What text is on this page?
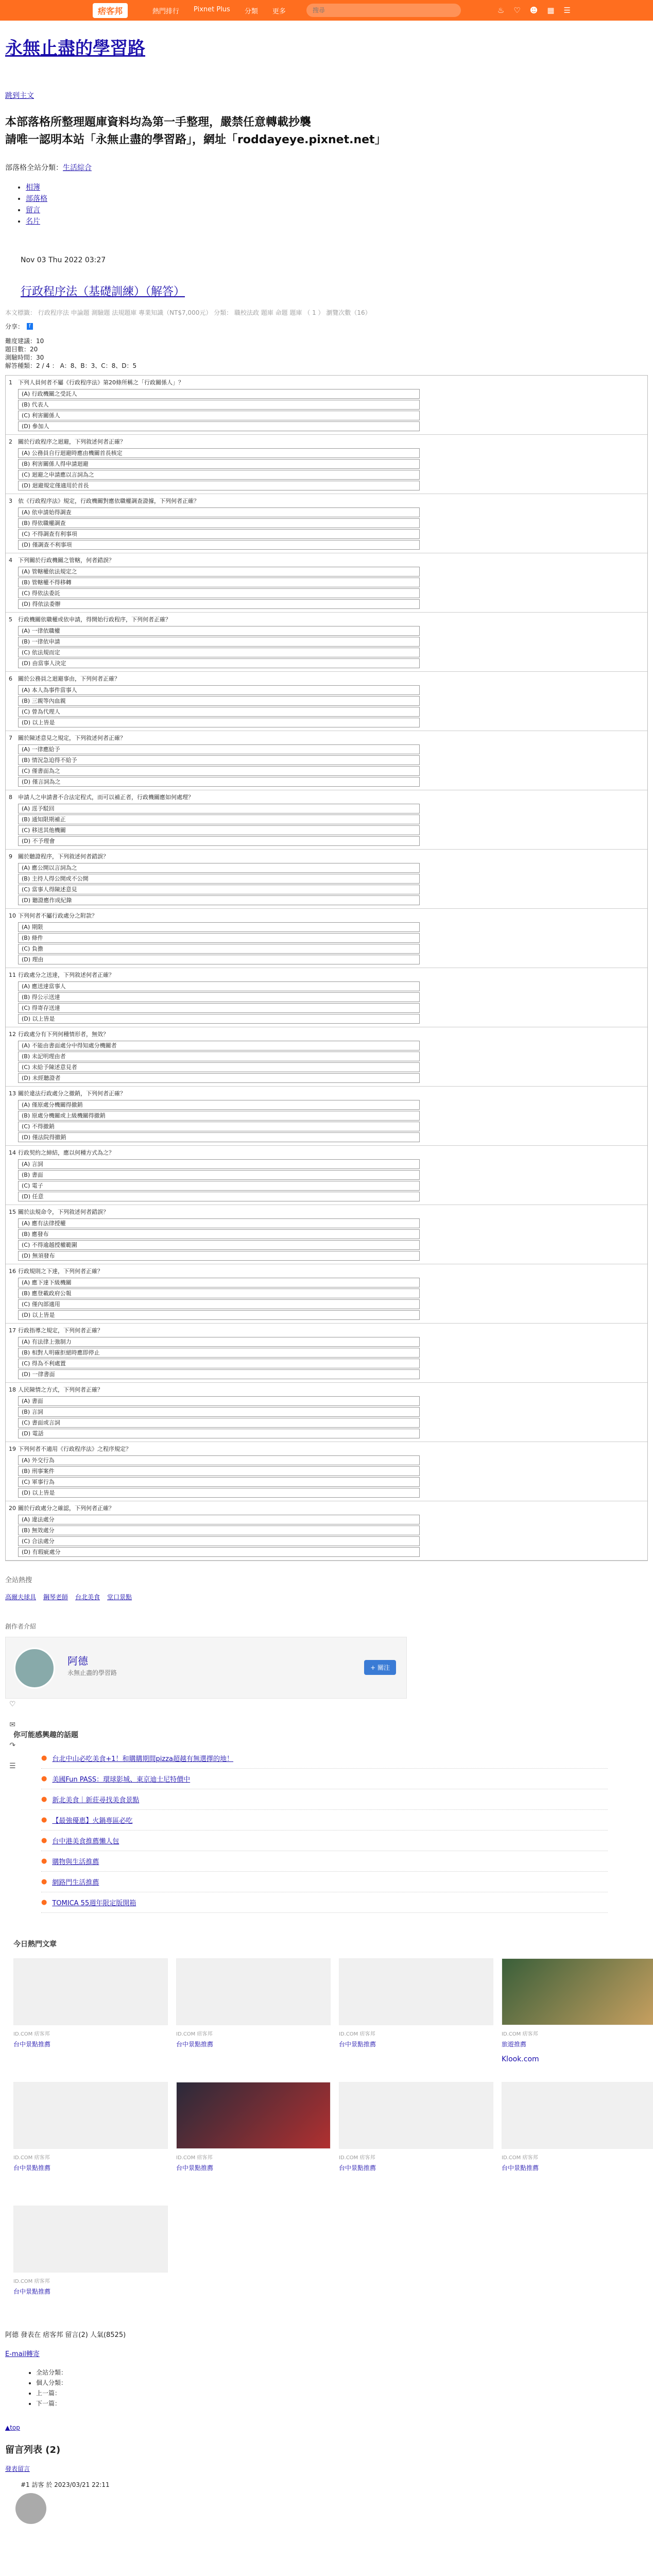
痞客邦	熱門排行 Pixnet Plus 分類 更多
搜尋	♨ ♡ ☻ ▦ ☰
♡
✉
↷
☰
永無止盡的學習路
跳到主文
本部落格所整理題庫資料均為第一手整理，嚴禁任意轉載抄襲
請唯一認明本站「永無止盡的學習路」，網址「roddayeye.pixnet.net」
部落格全站分類：生活綜合
• 相簿
• 部落格
• 留言
• 名片
Nov 03 Thu 2022 03:27
行政程序法（基礎訓練）（解答）
本文標籤： 行政程序法 申論題 測驗題 法規題庫 專業知識（NT$7,000元） 分類： 職校法政 題庫 命題 題庫 （ 1 ） 瀏覽次數（16）
分享：	f
難度建議：10
題目數：20
測驗時間：30
解答種類：2 / 4 ： A：8、B：3、C：8、D：5
1 下列人員何者不屬《行政程序法》第20條所稱之「行政關係人」？
(A) 行政機關之受託人
(B) 代表人
(C) 利害關係人
(D) 參加人
2 關於行政程序之迴避，下列敘述何者正確？
(A) 公務員自行迴避時應由機關首長核定
(B) 利害關係人得申請迴避
(C) 迴避之申請應以言詞為之
(D) 迴避規定僅適用於首長
3 依《行政程序法》規定，行政機關對應依職權調查證據，下列何者正確？
(A) 依申請始得調查
(B) 得依職權調查
(C) 不得調查有利事項
(D) 僅調查不利事項
4 下列關於行政機關之管轄，何者錯誤？
(A) 管轄權依法規定之
(B) 管轄權不得移轉
(C) 得依法委託
(D) 得依法委辦
5 行政機關依職權或依申請，得開始行政程序，下列何者正確？
(A) 一律依職權
(B) 一律依申請
(C) 依法規而定
(D) 由當事人決定
6 關於公務員之迴避事由，下列何者正確？
(A) 本人為事件當事人
(B) 三親等內血親
(C) 曾為代理人
(D) 以上皆是
7 關於陳述意見之規定，下列敘述何者正確？
(A) 一律應給予
(B) 情況急迫得不給予
(C) 僅書面為之
(D) 僅言詞為之
8 申請人之申請書不合法定程式，而可以補正者，行政機關應如何處理？
(A) 逕予駁回
(B) 通知限期補正
(C) 移送其他機關
(D) 不予理會
9 關於聽證程序，下列敘述何者錯誤？
(A) 應公開以言詞為之
(B) 主持人得公開或不公開
(C) 當事人得陳述意見
(D) 聽證應作成紀錄
10 下列何者不屬行政處分之附款？
(A) 期限
(B) 條件
(C) 負擔
(D) 理由
11 行政處分之送達，下列敘述何者正確？
(A) 應送達當事人
(B) 得公示送達
(C) 得寄存送達
(D) 以上皆是
12 行政處分有下列何種情形者，無效？
(A) 不能由書面處分中得知處分機關者
(B) 未記明理由者
(C) 未給予陳述意見者
(D) 未經聽證者
13 關於違法行政處分之撤銷，下列何者正確？
(A) 僅原處分機關得撤銷
(B) 原處分機關或上級機關得撤銷
(C) 不得撤銷
(D) 僅法院得撤銷
14 行政契約之締結，應以何種方式為之？
(A) 言詞
(B) 書面
(C) 電子
(D) 任意
15 關於法規命令，下列敘述何者錯誤？
(A) 應有法律授權
(B) 應發布
(C) 不得逾越授權範圍
(D) 無須發布
16 行政規則之下達，下列何者正確？
(A) 應下達下級機關
(B) 應登載政府公報
(C) 僅內部適用
(D) 以上皆是
17 行政指導之規定，下列何者正確？
(A) 有法律上強制力
(B) 相對人明確拒絕時應即停止
(C) 得為不利處置
(D) 一律書面
18 人民陳情之方式，下列何者正確？
(A) 書面
(B) 言詞
(C) 書面或言詞
(D) 電話
19 下列何者不適用《行政程序法》之程序規定？
(A) 外交行為
(B) 刑事案件
(C) 軍事行為
(D) 以上皆是
20 關於行政處分之確認，下列何者正確？
(A) 違法處分
(B) 無效處分
(C) 合法處分
(D) 有瑕疵處分
全站熱搜
高爾夫球具 鋼琴老師 台北美食 堂口景點
創作者介紹
阿德
永無止盡的學習路
+ 關注
你可能感興趣的話題
● 台北中山必吃美食+1！和購購期間pizza超越有無選擇的地！
● 美國Fun PASS：環球影城、東京迪士尼特價中
● 新北美食｜新莊尋找美食景點
● 【最強優惠】火鍋專區必吃
● 台中港美食推薦懶人包
● 購物與生活推薦
● 網路門生活推薦
● TOMICA 55週年限定版開箱
今日熱門文章
ID.COM 痞客邦
台中景點推薦
ID.COM 痞客邦
台中景點推薦
ID.COM 痞客邦
台中景點推薦
ID.COM 痞客邦
旅遊推薦
Klook.com
ID.COM 痞客邦
台中景點推薦
ID.COM 痞客邦
台中景點推薦
ID.COM 痞客邦
台中景點推薦
ID.COM 痞客邦
台中景點推薦
ID.COM 痞客邦
台中景點推薦
阿德 發表在 痞客邦 留言(2) 人氣(8525)
E-mail轉寄
• 全站分類：
• 個人分類：
• 上一篇：
• 下一篇：
▲top
留言列表 (2)
發表留言
#1 訪客 於 2023/03/21 22:11
